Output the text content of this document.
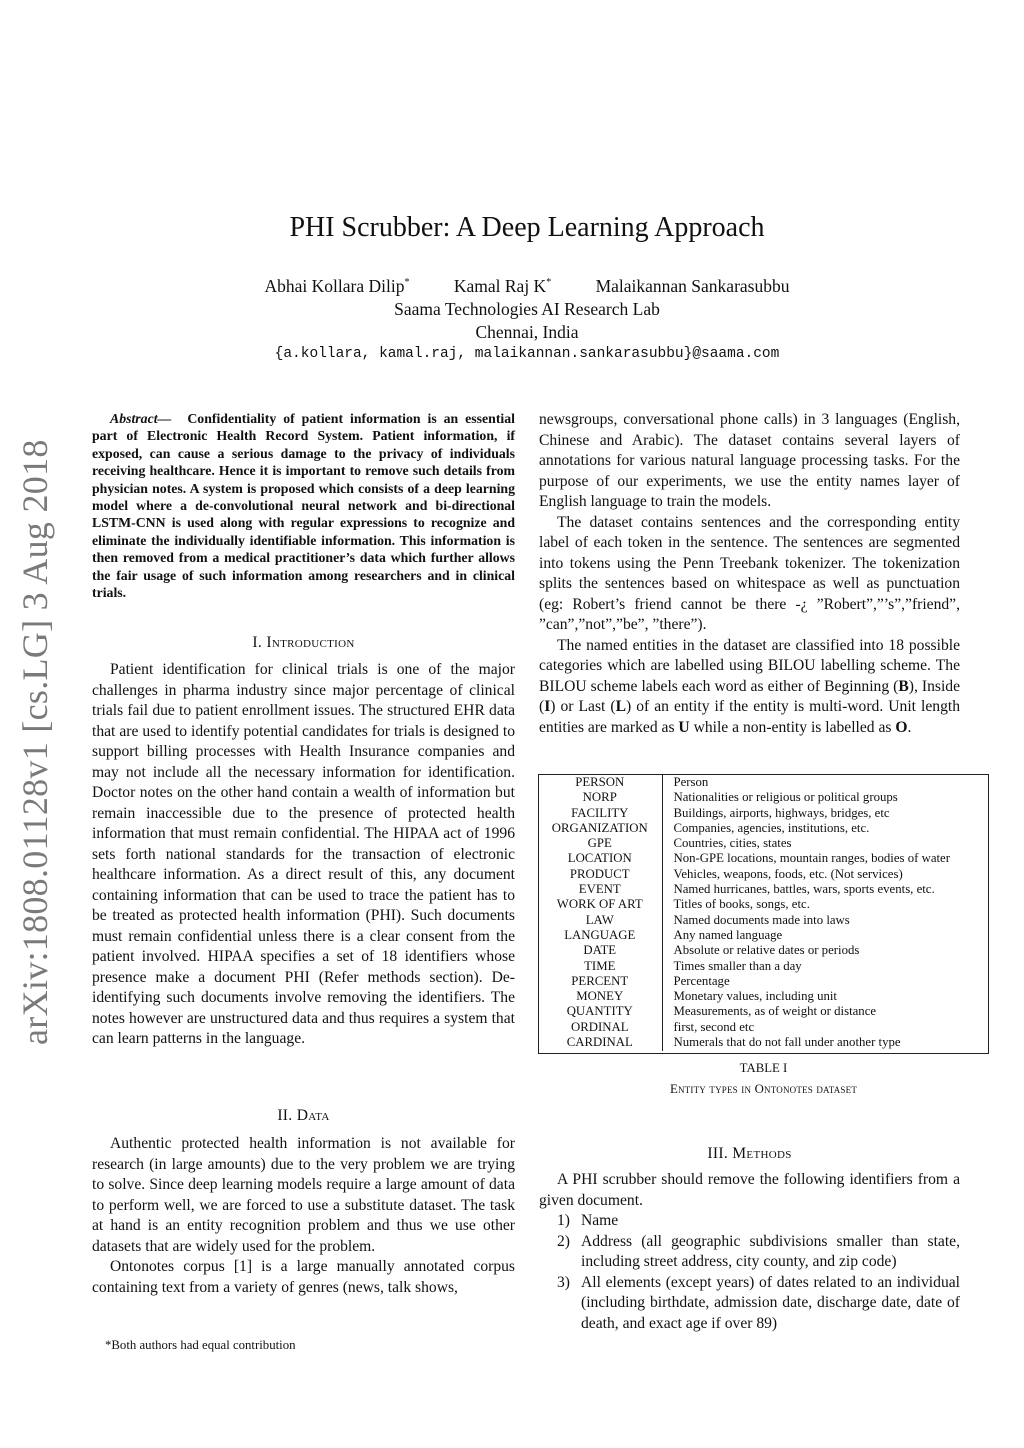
arXiv:1808.01128v1 [cs.LG] 3 Aug 2018
PHI Scrubber: A Deep Learning Approach
Abhai Kollara Dilip*	Kamal Raj K*	Malaikannan Sankarasubbu
Saama Technologies AI Research Lab
Chennai, India
{a.kollara, kamal.raj, malaikannan.sankarasubbu}@saama.com
Abstract— Confidentiality of patient information is an essential part of Electronic Health Record System. Patient information, if exposed, can cause a serious damage to the privacy of individuals receiving healthcare. Hence it is important to remove such details from physician notes. A system is proposed which consists of a deep learning model where a de-convolutional neural network and bi-directional LSTM-CNN is used along with regular expressions to recognize and eliminate the individually identifiable information. This information is then removed from a medical practitioner’s data which further allows the fair usage of such information among researchers and in clinical trials.
I. Introduction

Patient identification for clinical trials is one of the major challenges in pharma industry since major percentage of clinical trials fail due to patient enrollment issues. The structured EHR data that are used to identify potential candidates for trials is designed to support billing processes with Health Insurance companies and may not include all the necessary information for identification. Doctor notes on the other hand contain a wealth of information but remain inaccessible due to the presence of protected health information that must remain confidential. The HIPAA act of 1996 sets forth national standards for the transaction of electronic healthcare information. As a direct result of this, any document containing information that can be used to trace the patient has to be treated as protected health information (PHI). Such documents must remain confidential unless there is a clear consent from the patient involved. HIPAA specifies a set of 18 identifiers whose presence make a document PHI (Refer methods section). De-identifying such documents involve removing the identifiers. The notes however are unstructured data and thus requires a system that can learn patterns in the language.

II. Data

Authentic protected health information is not available for research (in large amounts) due to the very problem we are trying to solve. Since deep learning models require a large amount of data to perform well, we are forced to use a substitute dataset. The task at hand is an entity recognition problem and thus we use other datasets that are widely used for the problem.

Ontonotes corpus [1] is a large manually annotated corpus containing text from a variety of genres (news, talk shows,

*Both authors had equal contribution

newsgroups, conversational phone calls) in 3 languages (English, Chinese and Arabic). The dataset contains several layers of annotations for various natural language processing tasks. For the purpose of our experiments, we use the entity names layer of English language to train the models.

The dataset contains sentences and the corresponding entity label of each token in the sentence. The sentences are segmented into tokens using the Penn Treebank tokenizer. The tokenization splits the sentences based on whitespace as well as punctuation (eg: Robert’s friend cannot be there -¿ ”Robert”,”’s”,”friend”, ”can”,”not”,”be”, ”there”).

The named entities in the dataset are classified into 18 possible categories which are labelled using BILOU labelling scheme. The BILOU scheme labels each word as either of Beginning (B), Inside (I) or Last (L) of an entity if the entity is multi-word. Unit length entities are marked as U while a non-entity is labelled as O.

PERSON	Person
NORP	Nationalities or religious or political groups
FACILITY	Buildings, airports, highways, bridges, etc
ORGANIZATION	Companies, agencies, institutions, etc.
GPE	Countries, cities, states
LOCATION	Non-GPE locations, mountain ranges, bodies of water
PRODUCT	Vehicles, weapons, foods, etc. (Not services)
EVENT	Named hurricanes, battles, wars, sports events, etc.
WORK OF ART	Titles of books, songs, etc.
LAW	Named documents made into laws
LANGUAGE	Any named language
DATE	Absolute or relative dates or periods
TIME	Times smaller than a day
PERCENT	Percentage
MONEY	Monetary values, including unit
QUANTITY	Measurements, as of weight or distance
ORDINAL	first, second etc
CARDINAL	Numerals that do not fall under another type
TABLE I
Entity types in Ontonotes dataset
III. Methods

A PHI scrubber should remove the following identifiers from a given document.

1) Name
2) Address (all geographic subdivisions smaller than state, including street address, city county, and zip code)
3) All elements (except years) of dates related to an individual (including birthdate, admission date, discharge date, date of death, and exact age if over 89)
